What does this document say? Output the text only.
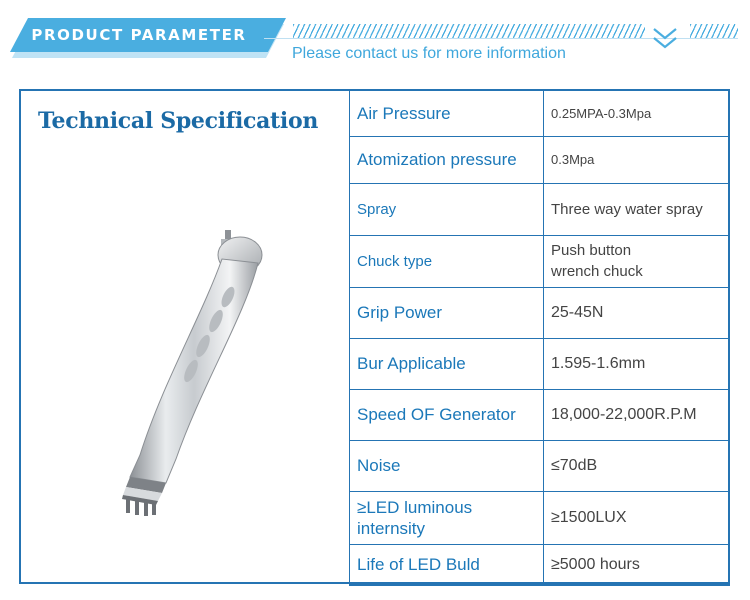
PRODUCT PARAMETER
Please contact us for more information
Technical Specification Air Pressure	0.25MPA-0.3Mpa
Atomization pressure	0.3Mpa
Spray	Three way water spray
Chuck type	Push button
wrench chuck
Grip Power	25-45N
Bur Applicable	1.595-1.6mm
Speed OF Generator	18,000-22,000R.P.M
Noise	≤70dB
≥LED luminous internsity	≥1500LUX
Life of LED Buld	≥5000 hours
